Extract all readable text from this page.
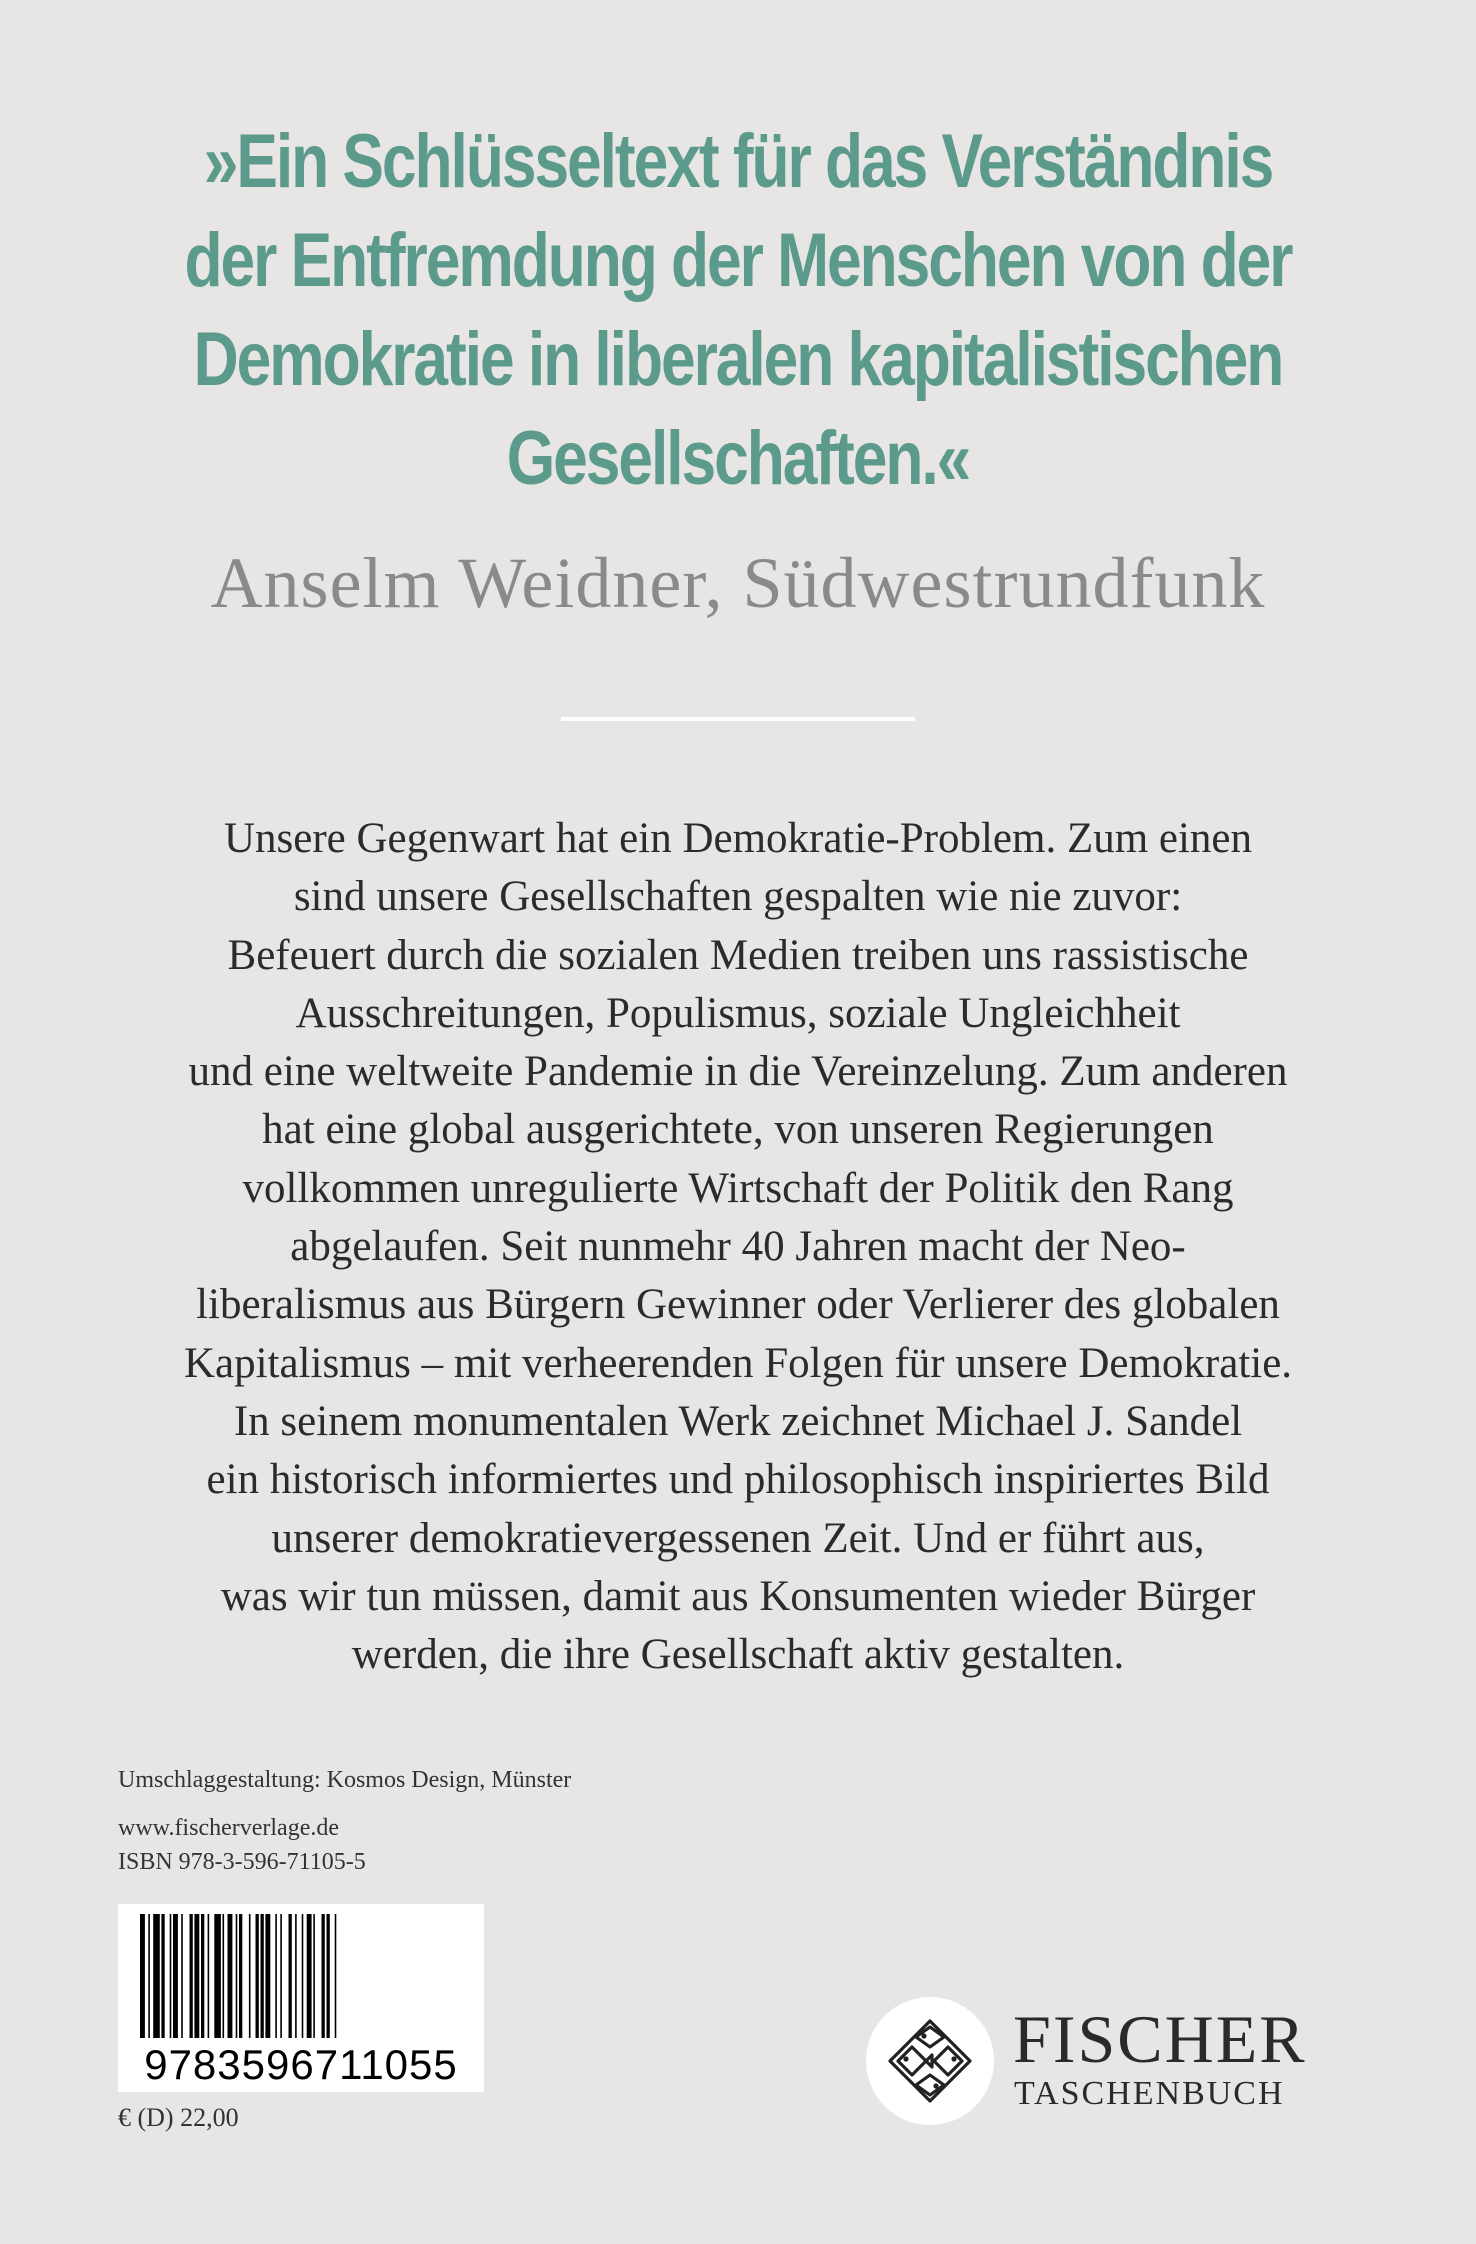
»Ein Schlüsseltext für das Verständnis
der Entfremdung der Menschen von der
Demokratie in liberalen kapitalistischen
Gesellschaften.«
Anselm Weidner, Südwestrundfunk
Unsere Gegenwart hat ein Demokratie-Problem. Zum einen
sind unsere Gesellschaften gespalten wie nie zuvor:
Befeuert durch die sozialen Medien treiben uns rassistische
Ausschreitungen, Populismus, soziale Ungleichheit
und eine weltweite Pandemie in die Vereinzelung. Zum anderen
hat eine global ausgerichtete, von unseren Regierungen
vollkommen unregulierte Wirtschaft der Politik den Rang
abgelaufen. Seit nunmehr 40 Jahren macht der Neo-
liberalismus aus Bürgern Gewinner oder Verlierer des globalen
Kapitalismus – mit verheerenden Folgen für unsere Demokratie.
In seinem monumentalen Werk zeichnet Michael J. Sandel
ein historisch informiertes und philosophisch inspiriertes Bild
unserer demokratievergessenen Zeit. Und er führt aus,
was wir tun müssen, damit aus Konsumenten wieder Bürger
werden, die ihre Gesellschaft aktiv gestalten.
Umschlaggestaltung: Kosmos Design, Münster
www.fischerverlage.de
ISBN 978-3-596-71105-5
9783596711055
€ (D) 22,00
FISCHER
TASCHENBUCH
